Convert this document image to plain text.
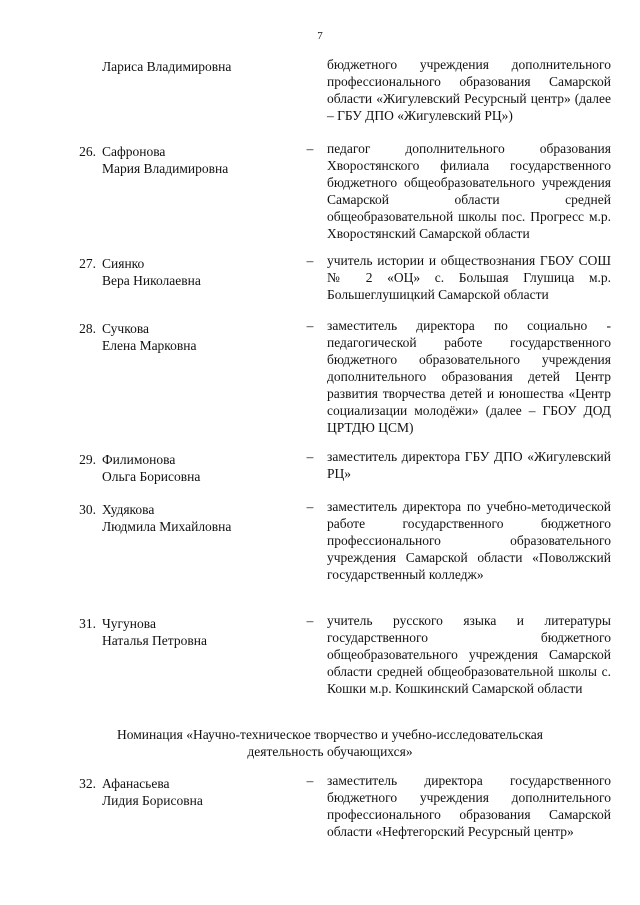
7
Лариса Владимировна	бюджетного учреждения дополнительного профессионального образования Самарской области «Жигулевский Ресурсный центр» (далее – ГБУ ДПО «Жигулевский РЦ»)
26. Сафронова
Мария Владимировна
– педагог дополнительного образования Хворостянского филиала государственного бюджетного общеобразовательного учреждения Самарской области средней общеобразовательной школы пос. Прогресс м.р. Хворостянский Самарской области
27. Сиянко
Вера Николаевна
– учитель истории и обществознания ГБОУ СОШ № 2 «ОЦ» с. Большая Глушица м.р. Большеглушицкий Самарской области
28. Сучкова
Елена Марковна
– заместитель директора по социально - педагогической работе государственного бюджетного образовательного учреждения дополнительного образования детей Центр развития творчества детей и юношества «Центр социализации молодёжи» (далее – ГБОУ ДОД ЦРТДЮ ЦСМ)
29. Филимонова
Ольга Борисовна
– заместитель директора ГБУ ДПО «Жигулевский РЦ»
30. Худякова
Людмила Михайловна
– заместитель директора по учебно-методической работе государственного бюджетного профессионального образовательного учреждения Самарской области «Поволжский государственный колледж»
31. Чугунова
Наталья Петровна
– учитель русского языка и литературы государственного бюджетного общеобразовательного учреждения Самарской области средней общеобразовательной школы с. Кошки м.р. Кошкинский Самарской области
Номинация «Научно-техническое творчество и учебно-исследовательская деятельность обучающихся»
32. Афанасьева
Лидия Борисовна
– заместитель директора государственного бюджетного учреждения дополнительного профессионального образования Самарской области «Нефтегорский Ресурсный центр»
